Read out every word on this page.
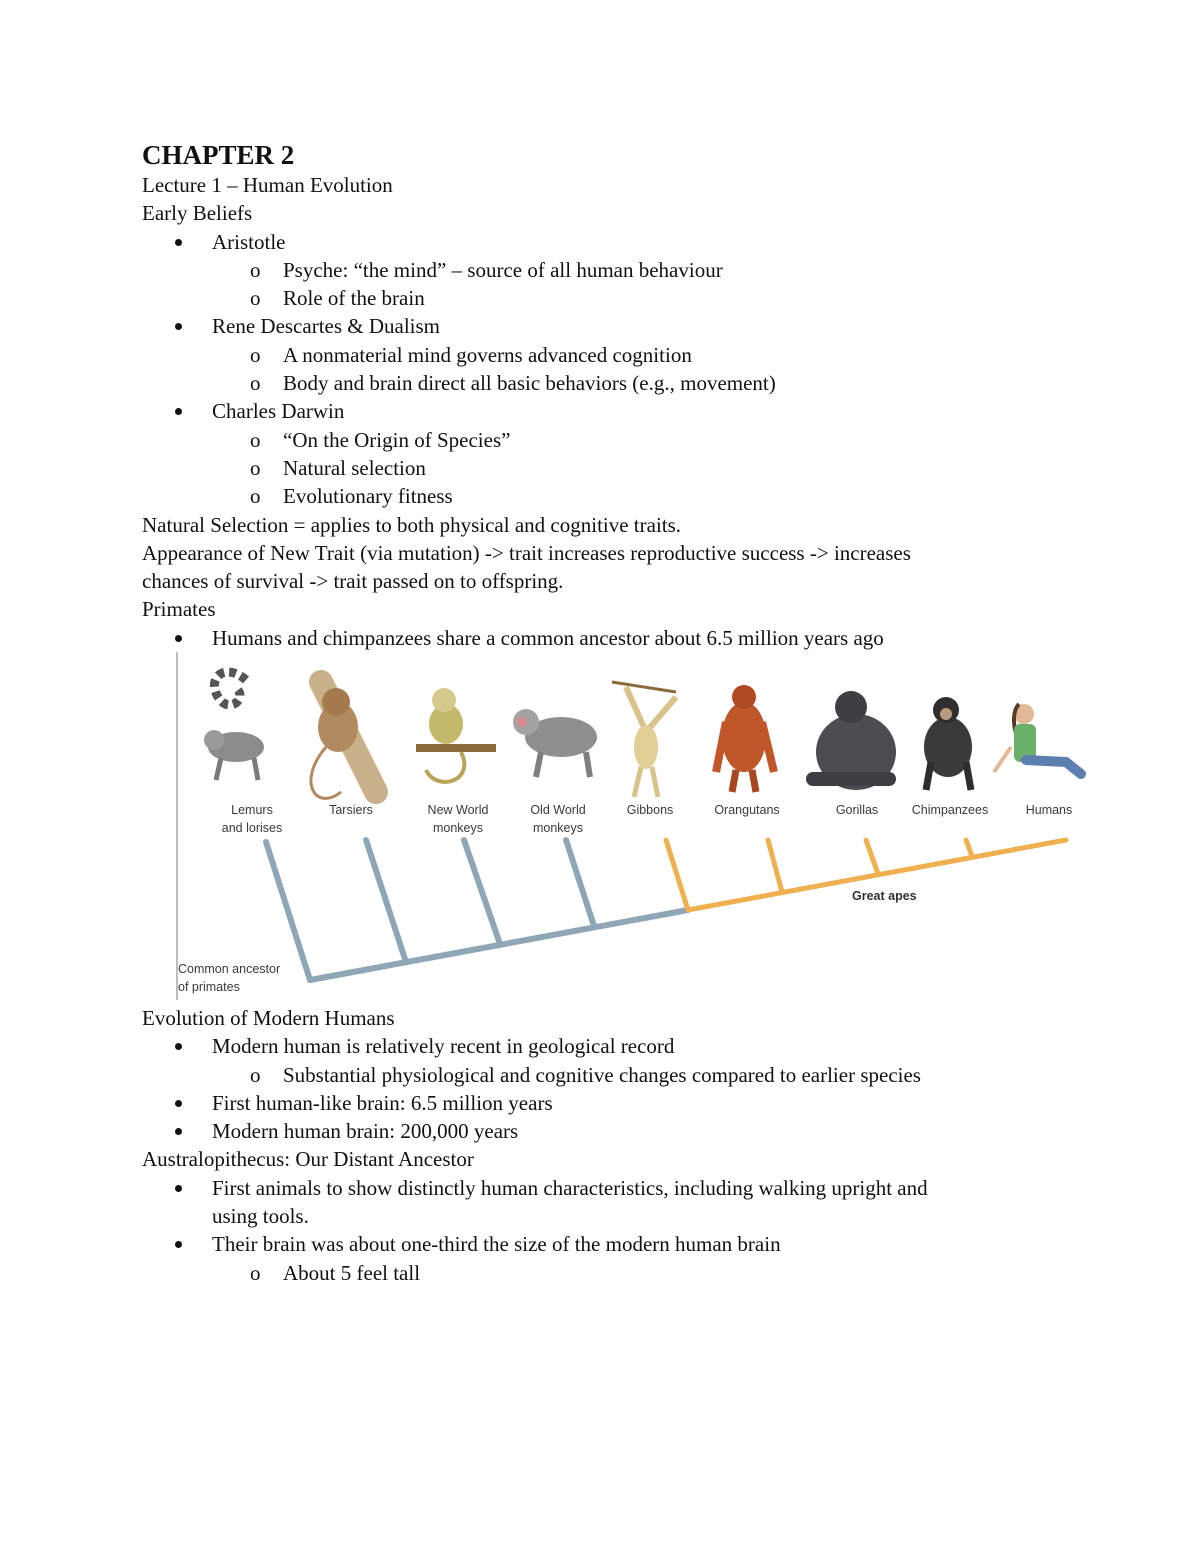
CHAPTER 2
Lecture 1 – Human Evolution
Early Beliefs
Aristotle
o Psyche: “the mind” – source of all human behaviour
o Role of the brain
Rene Descartes & Dualism
o A nonmaterial mind governs advanced cognition
o Body and brain direct all basic behaviors (e.g., movement)
Charles Darwin
o “On the Origin of Species”
o Natural selection
o Evolutionary fitness
Natural Selection = applies to both physical and cognitive traits.
Appearance of New Trait (via mutation) -> trait increases reproductive success -> increases
chances of survival -> trait passed on to offspring.
Primates
Humans and chimpanzees share a common ancestor about 6.5 million years ago
Lemurs
and lorises
Tarsiers	New World
monkeys
Old World
monkeys
Gibbons	Orangutans	Gorillas	Chimpanzees	Humans
Great apes
Common ancestor
of primates
Evolution of Modern Humans
Modern human is relatively recent in geological record
o Substantial physiological and cognitive changes compared to earlier species
First human-like brain: 6.5 million years
Modern human brain: 200,000 years
Australopithecus: Our Distant Ancestor
First animals to show distinctly human characteristics, including walking upright and
using tools.
Their brain was about one-third the size of the modern human brain
o About 5 feel tall
